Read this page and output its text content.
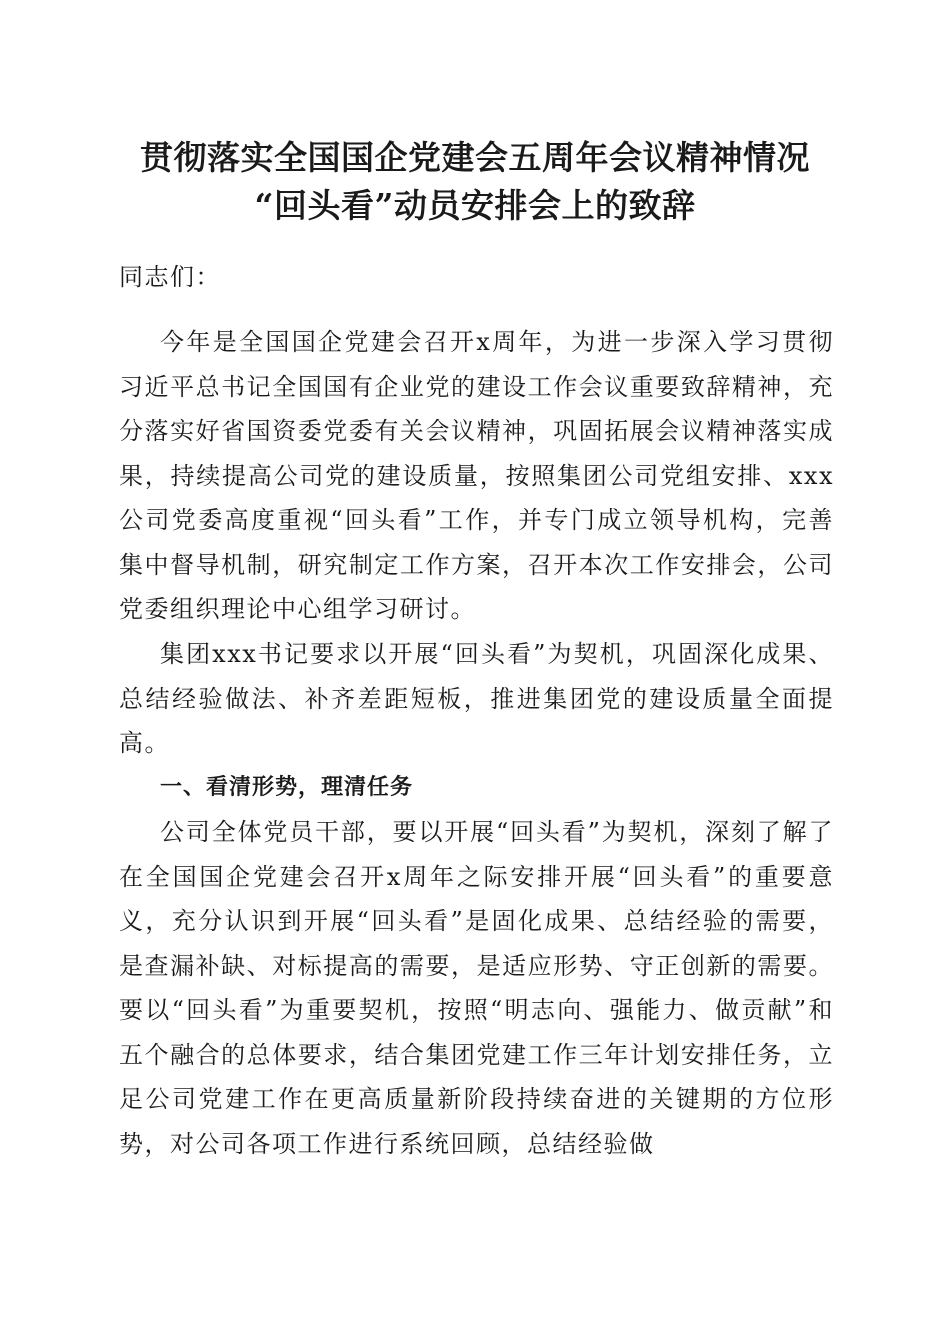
贯彻落实全国国企党建会五周年会议精神情况
“回头看”动员安排会上的致辞

同志们：

今年是全国国企党建会召开x周年，为进一步深入学习贯彻习近平总书记全国国有企业党的建设工作会议重要致辞精神，充分落实好省国资委党委有关会议精神，巩固拓展会议精神落实成果，持续提高公司党的建设质量，按照集团公司党组安排、xxx公司党委高度重视“回头看”工作，并专门成立领导机构，完善集中督导机制，研究制定工作方案，召开本次工作安排会，公司党委组织理论中心组学习研讨。

集团xxx书记要求以开展“回头看”为契机，巩固深化成果、总结经验做法、补齐差距短板，推进集团党的建设质量全面提高。

一、看清形势，理清任务

公司全体党员干部，要以开展“回头看”为契机，深刻了解了在全国国企党建会召开x周年之际安排开展“回头看”的重要意义，充分认识到开展“回头看”是固化成果、总结经验的需要，是查漏补缺、对标提高的需要，是适应形势、守正创新的需要。要以“回头看”为重要契机，按照“明志向、强能力、做贡献”和五个融合的总体要求，结合集团党建工作三年计划安排任务，立足公司党建工作在更高质量新阶段持续奋进的关键期的方位形势，对公司各项工作进行系统回顾，总结经验做
